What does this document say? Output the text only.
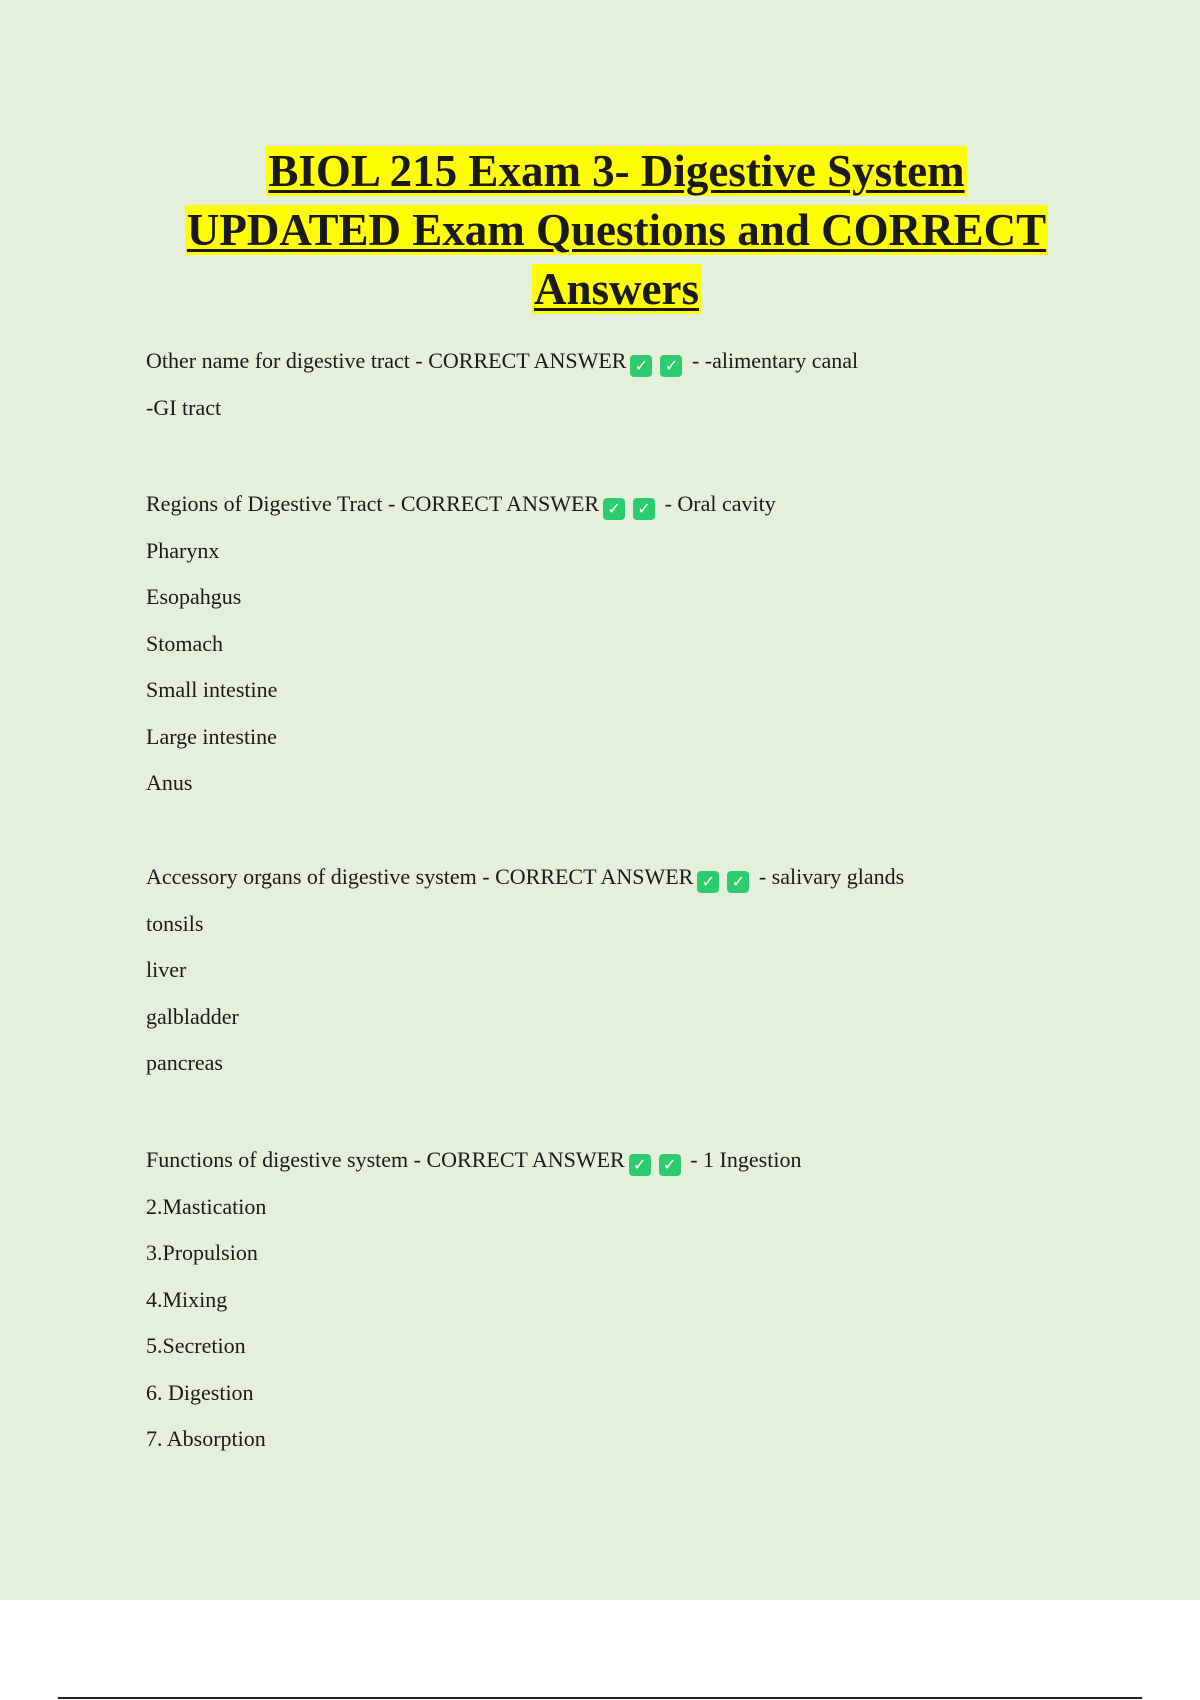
BIOL 215 Exam 3- Digestive System
UPDATED Exam Questions and CORRECT
Answers
Other name for digestive tract - CORRECT ANSWER ✓ ✓ - -alimentary canal
-GI tract
Regions of Digestive Tract - CORRECT ANSWER ✓ ✓ - Oral cavity
Pharynx
Esopahgus
Stomach
Small intestine
Large intestine
Anus
Accessory organs of digestive system - CORRECT ANSWER ✓ ✓ - salivary glands
tonsils
liver
galbladder
pancreas
Functions of digestive system - CORRECT ANSWER ✓ ✓ - 1 Ingestion
2.Mastication
3.Propulsion
4.Mixing
5.Secretion
6. Digestion
7. Absorption
